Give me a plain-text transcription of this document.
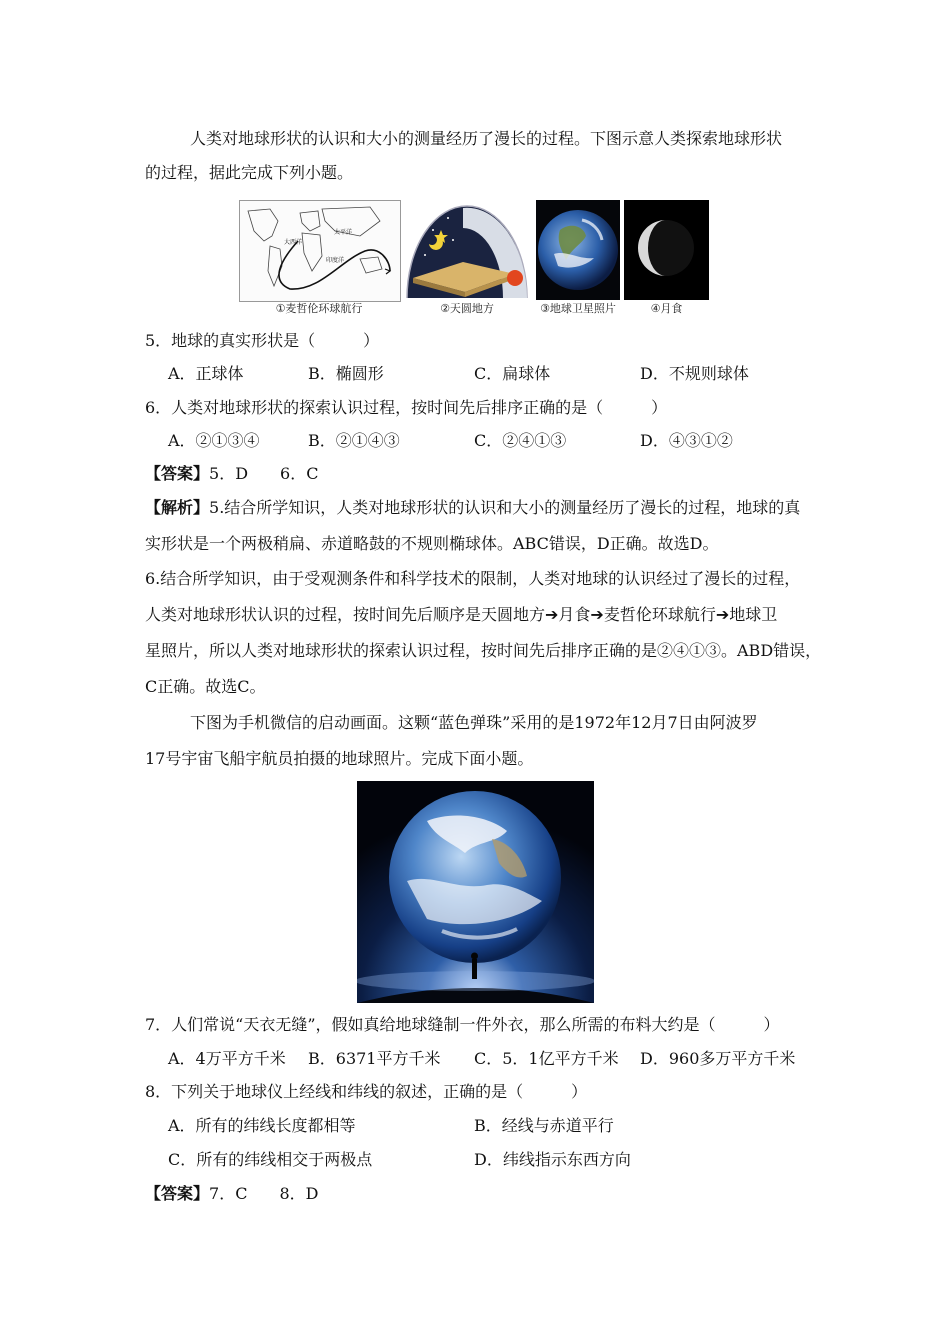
人类对地球形状的认识和大小的测量经历了漫长的过程。下图示意人类探索地球形状
的过程，据此完成下列小题。
太平洋
大西洋
印度洋
①麦哲伦环球航行	②天圆地方	③地球卫星照片	④月食
5．地球的真实形状是（　　　）
A．正球体	B．椭圆形	C．扁球体	D．不规则球体
6．人类对地球形状的探索认识过程，按时间先后排序正确的是（　　　）
A．②①③④	B．②①④③	C．②④①③	D．④③①②
【答案】5．D　　6．C
【解析】5.结合所学知识，人类对地球形状的认识和大小的测量经历了漫长的过程，地球的真
实形状是一个两极稍扁、赤道略鼓的不规则椭球体。ABC错误，D正确。故选D。
6.结合所学知识，由于受观测条件和科学技术的限制，人类对地球的认识经过了漫长的过程，
人类对地球形状认识的过程，按时间先后顺序是天圆地方➔月食➔麦哲伦环球航行➔地球卫
星照片，所以人类对地球形状的探索认识过程，按时间先后排序正确的是②④①③。ABD错误，
C正确。故选C。
下图为手机微信的启动画面。这颗“蓝色弹珠”采用的是1972年12月7日由阿波罗
17号宇宙飞船宇航员拍摄的地球照片。完成下面小题。
7．人们常说“天衣无缝”，假如真给地球缝制一件外衣，那么所需的布料大约是（　　　）
A．4万平方千米 B．6371平方千米 C．5．1亿平方千米 D．960多万平方千米
8．下列关于地球仪上经线和纬线的叙述，正确的是（　　　）
A．所有的纬线长度都相等	B．经线与赤道平行
C．所有的纬线相交于两极点	D．纬线指示东西方向
【答案】7．C　　8．D
